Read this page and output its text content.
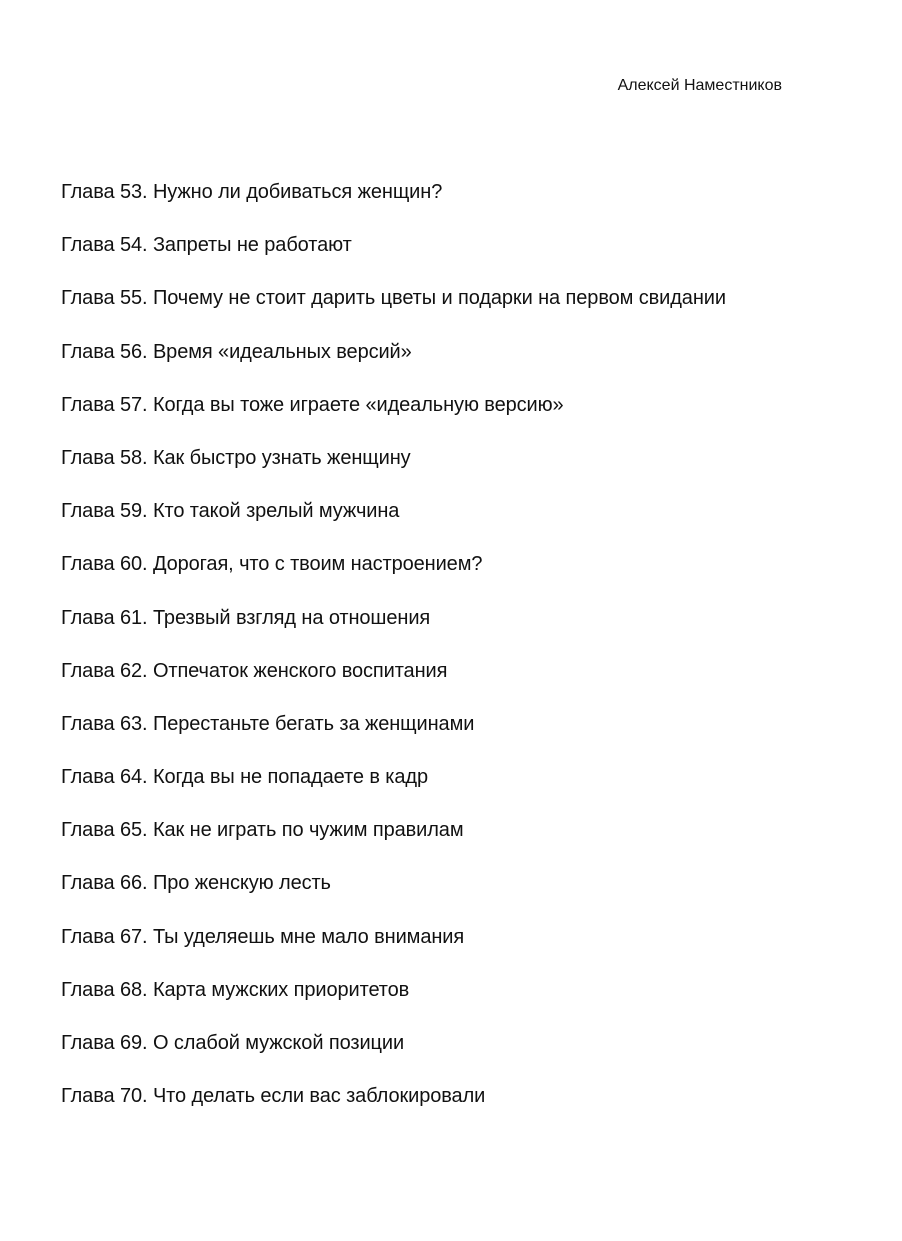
Алексей Наместников
Глава 53. Нужно ли добиваться женщин?
Глава 54. Запреты не работают
Глава 55. Почему не стоит дарить цветы и подарки на первом свидании
Глава 56. Время «идеальных версий»
Глава 57. Когда вы тоже играете «идеальную версию»
Глава 58. Как быстро узнать женщину
Глава 59. Кто такой зрелый мужчина
Глава 60. Дорогая, что с твоим настроением?
Глава 61. Трезвый взгляд на отношения
Глава 62. Отпечаток женского воспитания
Глава 63. Перестаньте бегать за женщинами
Глава 64. Когда вы не попадаете в кадр
Глава 65. Как не играть по чужим правилам
Глава 66. Про женскую лесть
Глава 67. Ты уделяешь мне мало внимания
Глава 68. Карта мужских приоритетов
Глава 69. О слабой мужской позиции
Глава 70. Что делать если вас заблокировали
